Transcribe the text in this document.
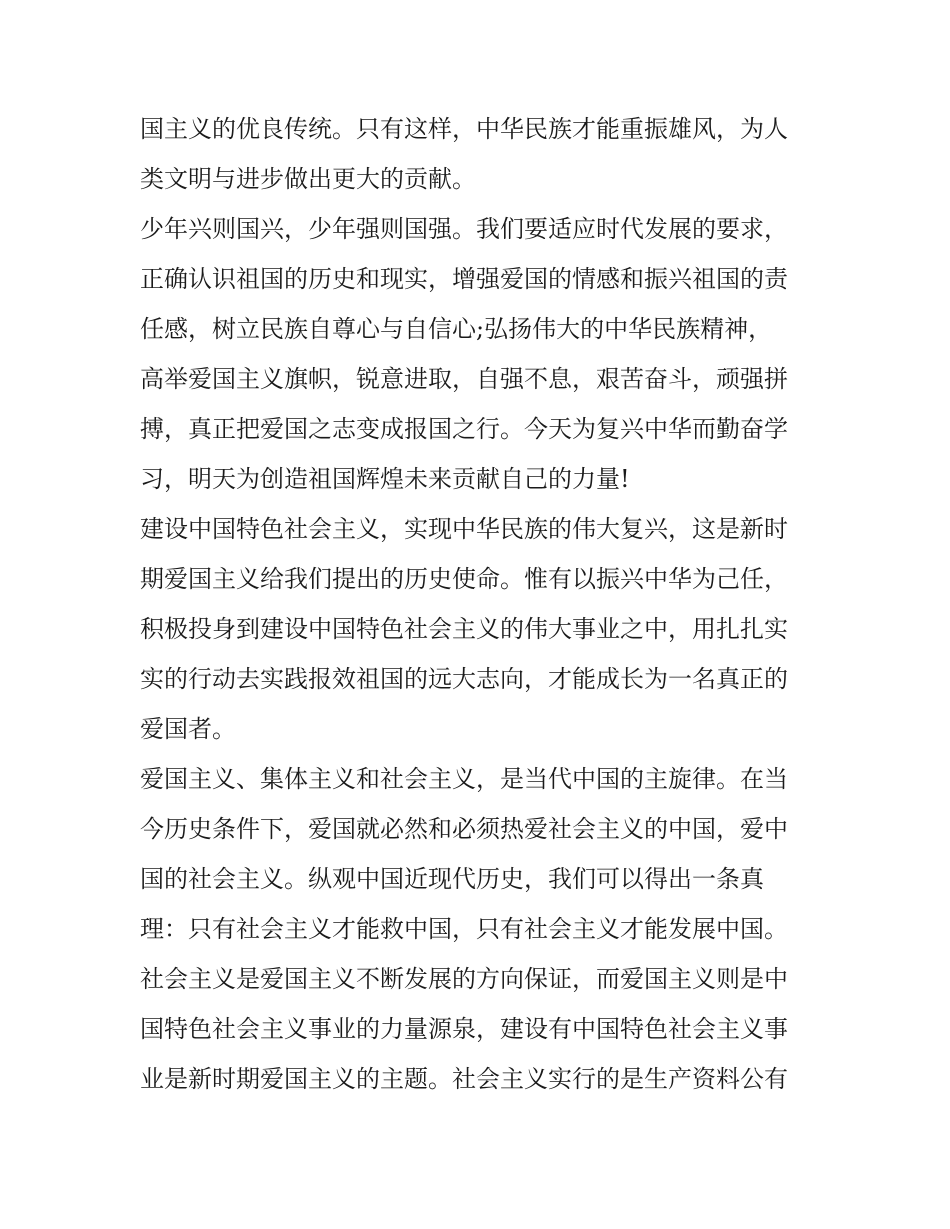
国主义的优良传统。只有这样，中华民族才能重振雄风，为人
类文明与进步做出更大的贡献。
少年兴则国兴，少年强则国强。我们要适应时代发展的要求，
正确认识祖国的历史和现实，增强爱国的情感和振兴祖国的责
任感，树立民族自尊心与自信心;弘扬伟大的中华民族精神，
高举爱国主义旗帜，锐意进取，自强不息，艰苦奋斗，顽强拼
搏，真正把爱国之志变成报国之行。今天为复兴中华而勤奋学
习，明天为创造祖国辉煌未来贡献自己的力量!
建设中国特色社会主义，实现中华民族的伟大复兴，这是新时
期爱国主义给我们提出的历史使命。惟有以振兴中华为己任，
积极投身到建设中国特色社会主义的伟大事业之中，用扎扎实
实的行动去实践报效祖国的远大志向，才能成长为一名真正的
爱国者。
爱国主义、集体主义和社会主义，是当代中国的主旋律。在当
今历史条件下，爱国就必然和必须热爱社会主义的中国，爱中
国的社会主义。纵观中国近现代历史，我们可以得出一条真
理：只有社会主义才能救中国，只有社会主义才能发展中国。
社会主义是爱国主义不断发展的方向保证，而爱国主义则是中
国特色社会主义事业的力量源泉，建设有中国特色社会主义事
业是新时期爱国主义的主题。社会主义实行的是生产资料公有
